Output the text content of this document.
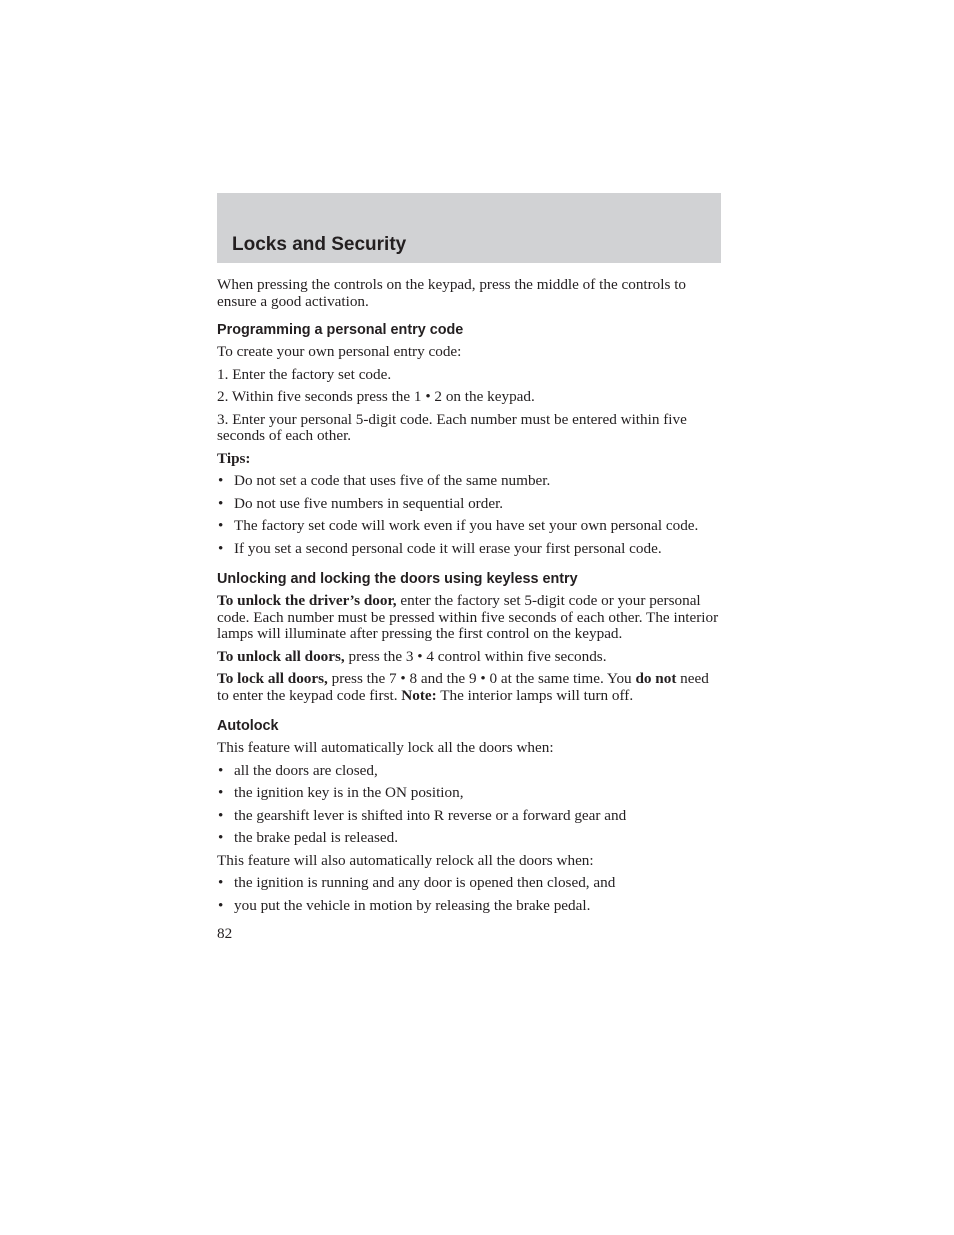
Locks and Security

When pressing the controls on the keypad, press the middle of the controls to ensure a good activation.

Programming a personal entry code

To create your own personal entry code:

1. Enter the factory set code.

2. Within five seconds press the 1 • 2 on the keypad.

3. Enter your personal 5-digit code. Each number must be entered within five seconds of each other.

Tips:

• Do not set a code that uses five of the same number.
• Do not use five numbers in sequential order.
• The factory set code will work even if you have set your own personal code.
• If you set a second personal code it will erase your first personal code.
Unlocking and locking the doors using keyless entry

To unlock the driver’s door, enter the factory set 5-digit code or your personal code. Each number must be pressed within five seconds of each other. The interior lamps will illuminate after pressing the first control on the keypad.

To unlock all doors, press the 3 • 4 control within five seconds.

To lock all doors, press the 7 • 8 and the 9 • 0 at the same time. You do not need to enter the keypad code first. Note: The interior lamps will turn off.

Autolock

This feature will automatically lock all the doors when:

• all the doors are closed,
• the ignition key is in the ON position,
• the gearshift lever is shifted into R reverse or a forward gear and
• the brake pedal is released.

This feature will also automatically relock all the doors when:

• the ignition is running and any door is opened then closed, and
• you put the vehicle in motion by releasing the brake pedal.

82
